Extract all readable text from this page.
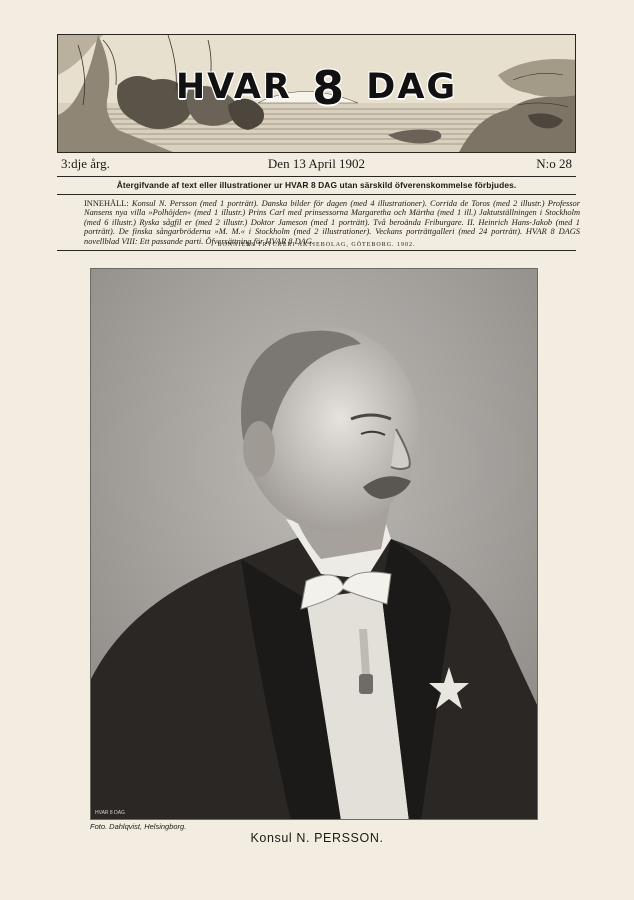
HVAR 8 DAG
3:dje årg.	Den 13 April 1902	N:o 28
Återgifvande af text eller illustrationer ur HVAR 8 DAG utan särskild öfverenskommelse förbjudes.
INNEHÅLL: Konsul N. Persson (med 1 porträtt). Danska bilder för dagen (med 4 illustrationer). Corrida de Toros (med 2 illustr.) Professor Nansens nya villa »Polhöjden« (med 1 illustr.) Prins Carl med prinsessorna Margaretha och Märtha (med 1 ill.) Jaktutställningen i Stockholm (med 6 illustr.) Ryska sågfil er (med 2 illustr.) Doktor Jameson (med 1 porträtt). Två beroända Friburgare. II. Heinrich Hans-Jakob (med 1 porträtt). De finska sångarbröderna »M. M.« i Stockholm (med 2 illustrationer). Veckans porträttgalleri (med 24 porträtt). HVAR 8 DAGS novellblad VIII: Ett passande parti. Öfversättning för HVAR 8 DAG.
BONNIERS TRYCKERI AKTIEBOLAG, GÖTEBORG. 1902.
HVAR 8 DAG
Foto. Dahlqvist, Helsingborg.
Konsul N. PERSSON.
